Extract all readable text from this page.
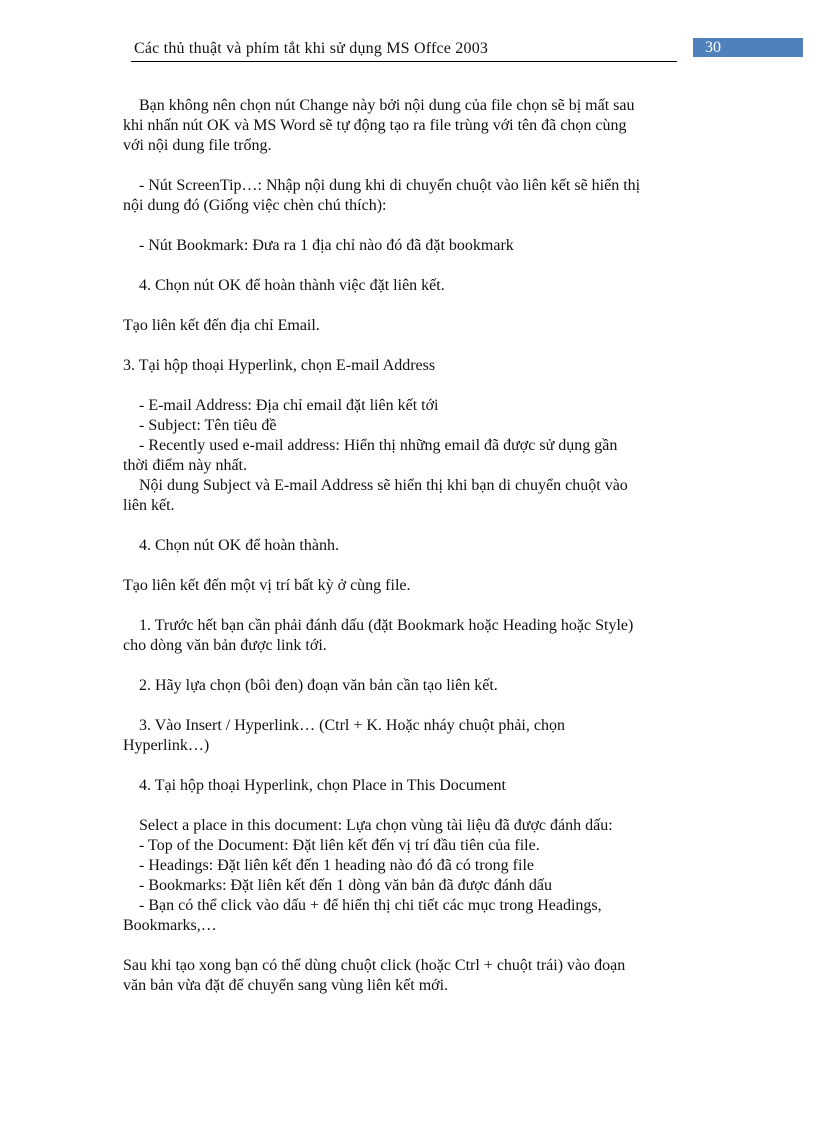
Các thủ thuật và phím tắt khi sử dụng MS Offce 2003	30
Bạn không nên chọn nút Change này bởi nội dung của file chọn sẽ bị mất sau
khi nhấn nút OK và MS Word sẽ tự động tạo ra file trùng với tên đã chọn cùng
với nội dung file trống.
- Nút ScreenTip…: Nhập nội dung khi di chuyển chuột vào liên kết sẽ hiển thị
nội dung đó (Giống việc chèn chú thích):
- Nút Bookmark: Đưa ra 1 địa chỉ nào đó đã đặt bookmark
4. Chọn nút OK để hoàn thành việc đặt liên kết.
Tạo liên kết đến địa chỉ Email.
3. Tại hộp thoại Hyperlink, chọn E-mail Address
- E-mail Address: Địa chỉ email đặt liên kết tới
- Subject: Tên tiêu đề
- Recently used e-mail address: Hiển thị những email đã được sử dụng gần
thời điểm này nhất.
Nội dung Subject và E-mail Address sẽ hiển thị khi bạn di chuyển chuột vào
liên kết.
4. Chọn nút OK để hoàn thành.
Tạo liên kết đến một vị trí bất kỳ ở cùng file.
1. Trước hết bạn cần phải đánh dấu (đặt Bookmark hoặc Heading hoặc Style)
cho dòng văn bản được link tới.
2. Hãy lựa chọn (bôi đen) đoạn văn bản cần tạo liên kết.
3. Vào Insert / Hyperlink… (Ctrl + K. Hoặc nháy chuột phải, chọn
Hyperlink…)
4. Tại hộp thoại Hyperlink, chọn Place in This Document
Select a place in this document: Lựa chọn vùng tài liệu đã được đánh dấu:
- Top of the Document: Đặt liên kết đến vị trí đầu tiên của file.
- Headings: Đặt liên kết đến 1 heading nào đó đã có trong file
- Bookmarks: Đặt liên kết đến 1 dòng văn bản đã được đánh dấu
- Bạn có thể click vào dấu + để hiển thị chi tiết các mục trong Headings,
Bookmarks,…
Sau khi tạo xong bạn có thể dùng chuột click (hoặc Ctrl + chuột trái) vào đoạn
văn bản vừa đặt để chuyển sang vùng liên kết mới.
